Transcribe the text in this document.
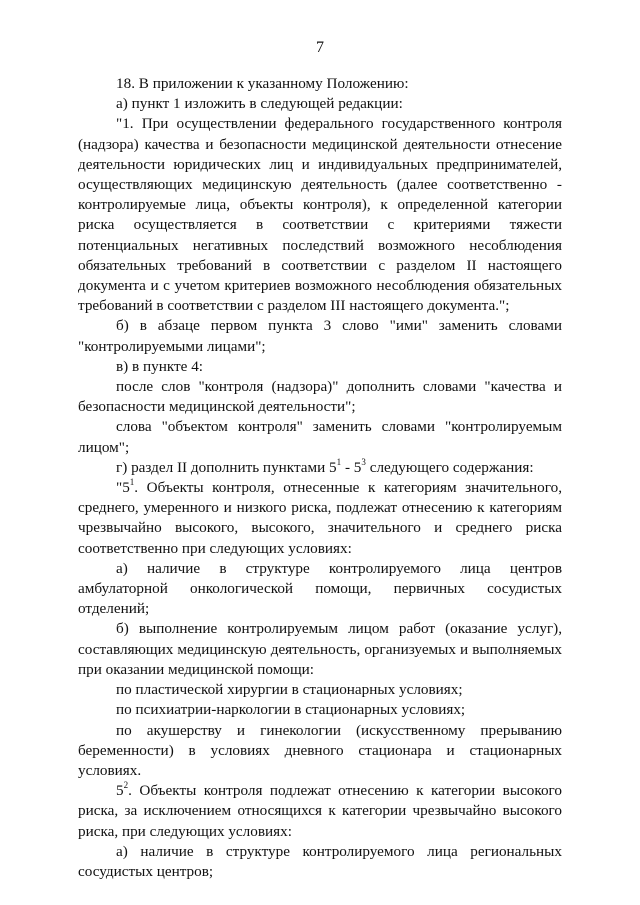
7

18. В приложении к указанному Положению:

а) пункт 1 изложить в следующей редакции:

"1. При осуществлении федерального государственного контроля (надзора) качества и безопасности медицинской деятельности отнесение деятельности юридических лиц и индивидуальных предпринимателей, осуществляющих медицинскую деятельность (далее соответственно - контролируемые лица, объекты контроля), к определенной категории риска осуществляется в соответствии с критериями тяжести потенциальных негативных последствий возможного несоблюдения обязательных требований в соответствии с разделом II настоящего документа и с учетом критериев возможного несоблюдения обязательных требований в соответствии с разделом III настоящего документа.";

б) в абзаце первом пункта 3 слово "ими" заменить словами "контролируемыми лицами";

в) в пункте 4:

после слов "контроля (надзора)" дополнить словами "качества и безопасности медицинской деятельности";

слова "объектом контроля" заменить словами "контролируемым лицом";

г) раздел II дополнить пунктами $5^1 - 5^3$ следующего содержания:

"$5^1$. Объекты контроля, отнесенные к категориям значительного, среднего, умеренного и низкого риска, подлежат отнесению к категориям чрезвычайно высокого, высокого, значительного и среднего риска соответственно при следующих условиях:

а) наличие в структуре контролируемого лица центров амбулаторной онкологической помощи, первичных сосудистых отделений;

б) выполнение контролируемым лицом работ (оказание услуг), составляющих медицинскую деятельность, организуемых и выполняемых при оказании медицинской помощи:

по пластической хирургии в стационарных условиях;

по психиатрии-наркологии в стационарных условиях;

по акушерству и гинекологии (искусственному прерыванию беременности) в условиях дневного стационара и стационарных условиях.

$5^2$. Объекты контроля подлежат отнесению к категории высокого риска, за исключением относящихся к категории чрезвычайно высокого риска, при следующих условиях:

а) наличие в структуре контролируемого лица региональных сосудистых центров;
